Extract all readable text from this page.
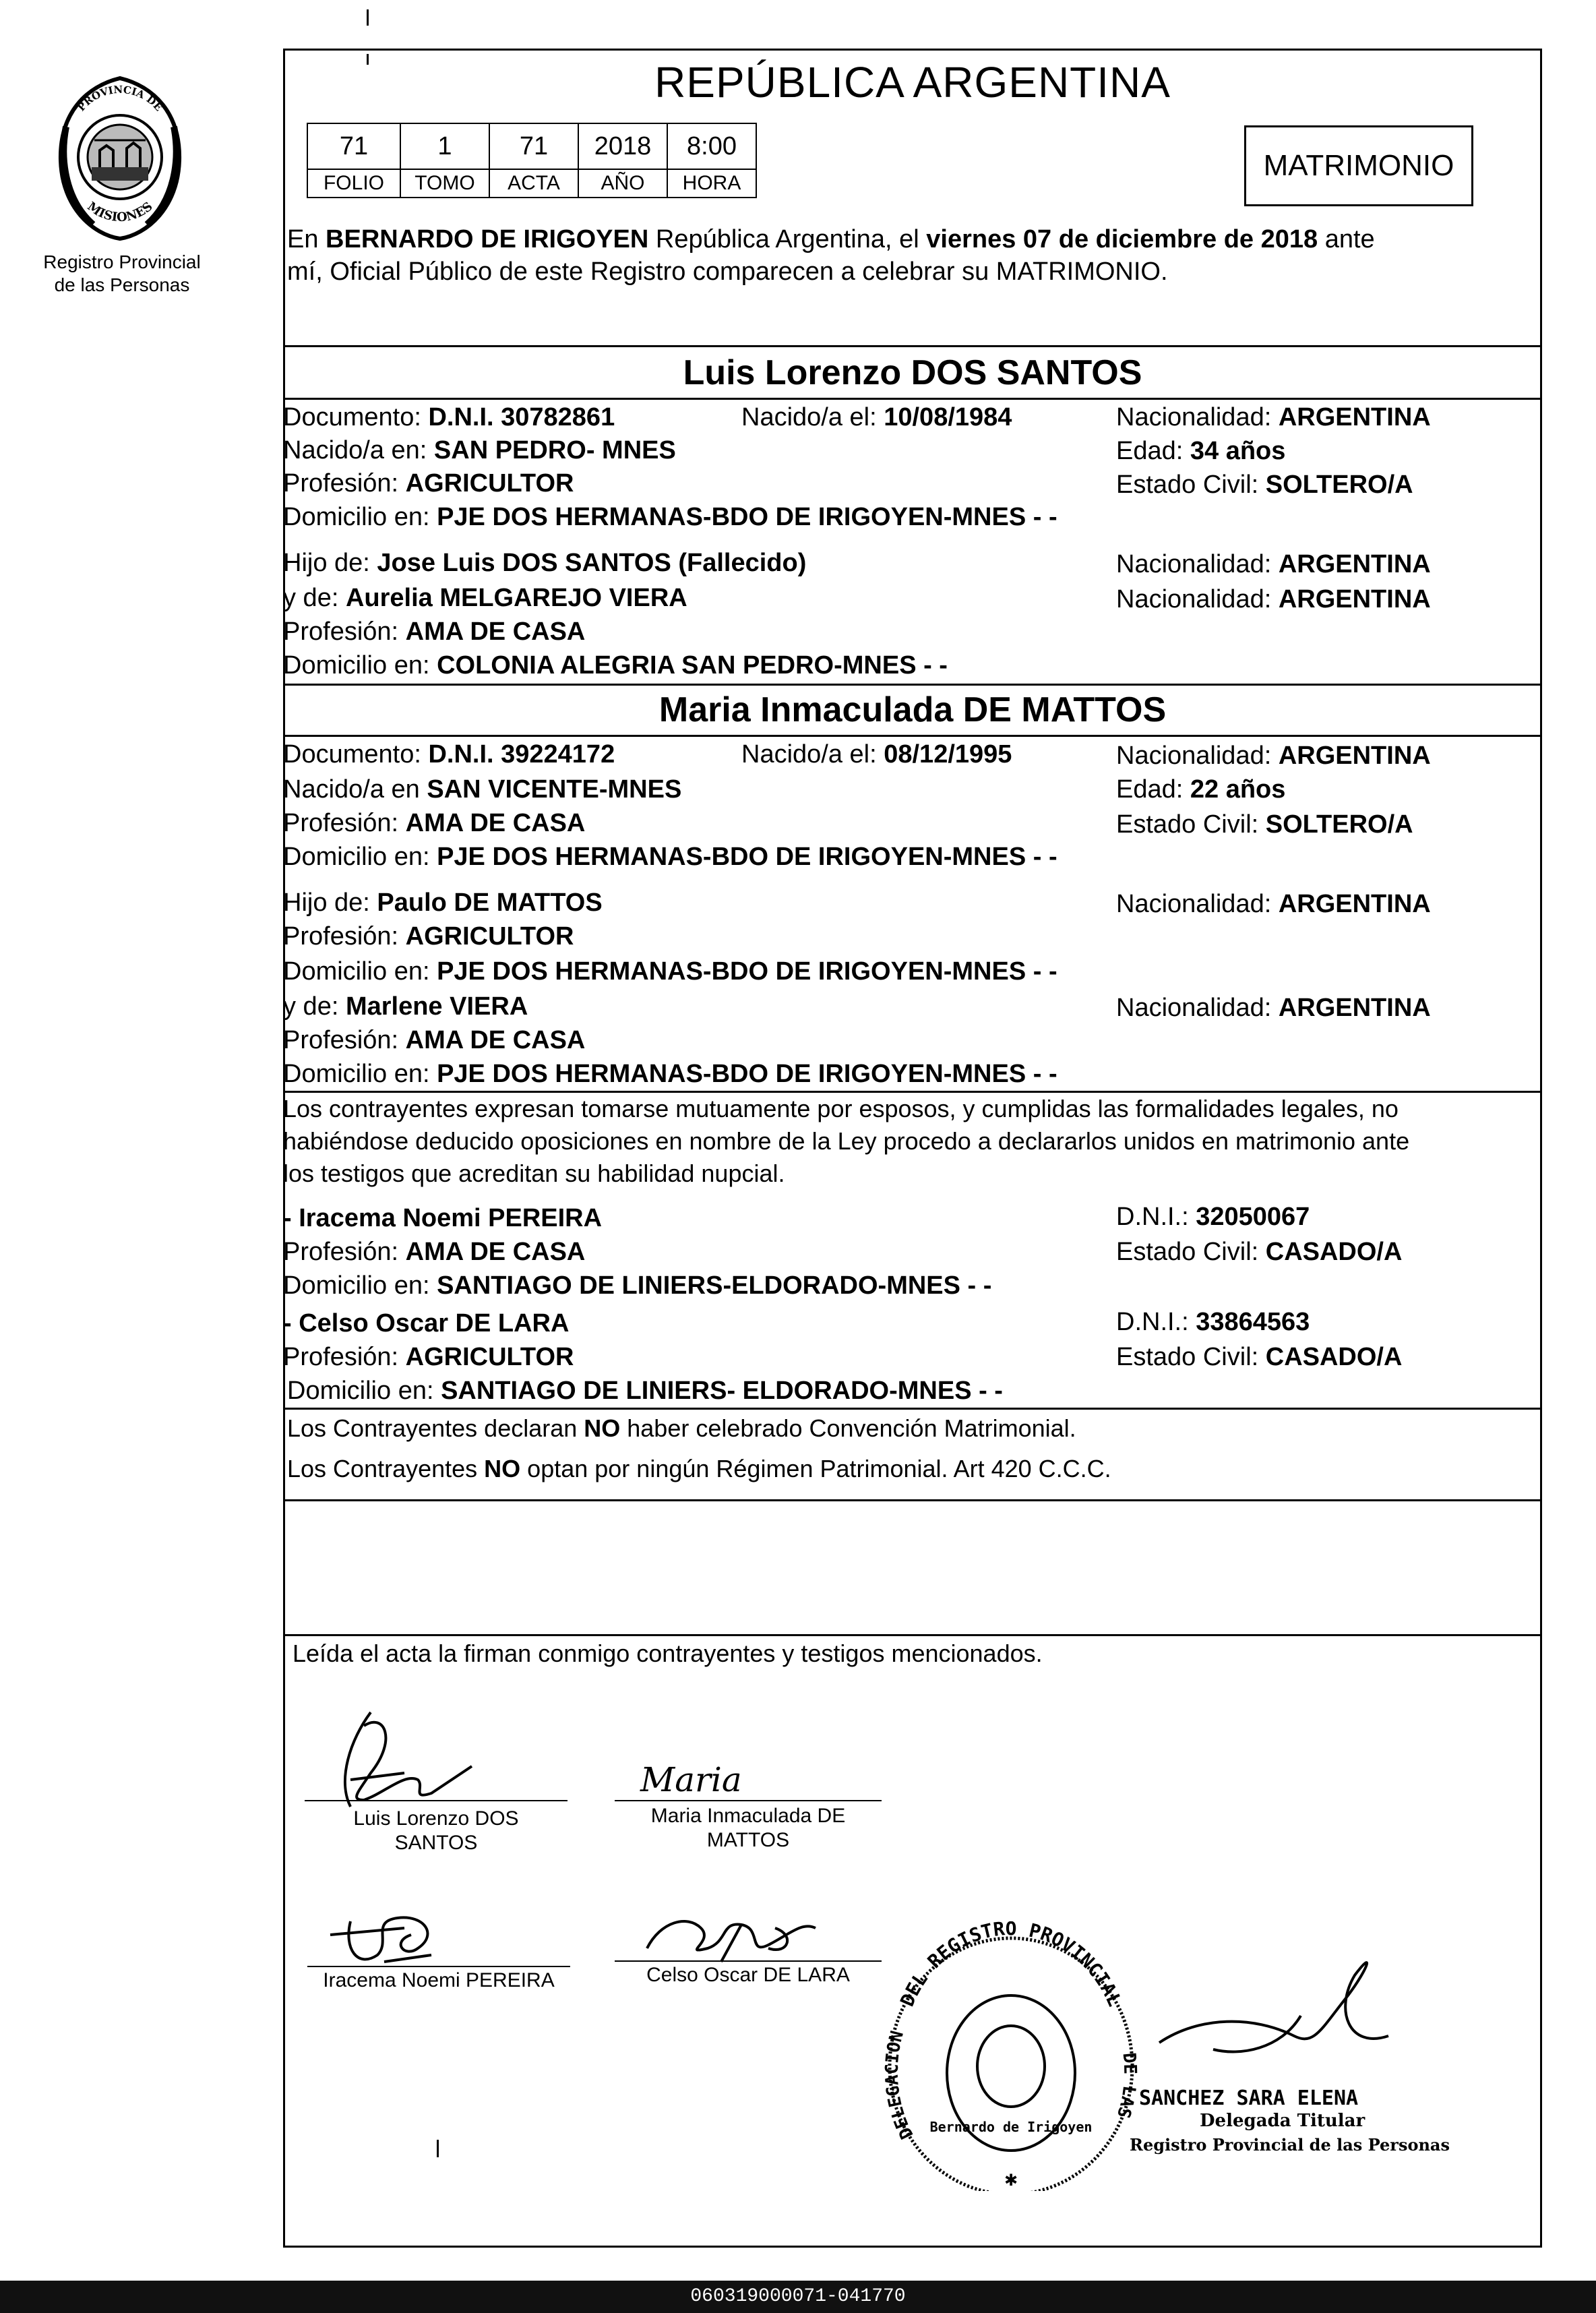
PROVINCIA DE
MISIONES
Registro Provincial
de las Personas
REPÚBLICA ARGENTINA
71	1	71	2018	8:00
FOLIO	TOMO	ACTA	AÑO	HORA
MATRIMONIO
En BERNARDO DE IRIGOYEN República Argentina, el viernes 07 de diciembre de 2018 ante
mí, Oficial Público de este Registro comparecen a celebrar su MATRIMONIO.
Luis Lorenzo DOS SANTOS
Documento: D.N.I. 30782861	Nacido/a el: 10/08/1984	Nacionalidad: ARGENTINA
Nacido/a en: SAN PEDRO- MNES	Edad: 34 años
Profesión: AGRICULTOR	Estado Civil: SOLTERO/A
Domicilio en: PJE DOS HERMANAS-BDO DE IRIGOYEN-MNES - -
Hijo de: Jose Luis DOS SANTOS (Fallecido)	Nacionalidad: ARGENTINA
y de: Aurelia MELGAREJO VIERA	Nacionalidad: ARGENTINA
Profesión: AMA DE CASA
Domicilio en: COLONIA ALEGRIA SAN PEDRO-MNES - -
Maria Inmaculada DE MATTOS
Documento: D.N.I. 39224172	Nacido/a el: 08/12/1995	Nacionalidad: ARGENTINA
Nacido/a en SAN VICENTE-MNES	Edad: 22 años
Profesión: AMA DE CASA	Estado Civil: SOLTERO/A
Domicilio en: PJE DOS HERMANAS-BDO DE IRIGOYEN-MNES - -
Hijo de: Paulo DE MATTOS	Nacionalidad: ARGENTINA
Profesión: AGRICULTOR
Domicilio en: PJE DOS HERMANAS-BDO DE IRIGOYEN-MNES - -
y de: Marlene VIERA	Nacionalidad: ARGENTINA
Profesión: AMA DE CASA
Domicilio en: PJE DOS HERMANAS-BDO DE IRIGOYEN-MNES - -
Los contrayentes expresan tomarse mutuamente por esposos, y cumplidas las formalidades legales, no
habiéndose deducido oposiciones en nombre de la Ley procedo a declararlos unidos en matrimonio ante
los testigos que acreditan su habilidad nupcial.
- Iracema Noemi PEREIRA	D.N.I.: 32050067
Profesión: AMA DE CASA	Estado Civil: CASADO/A
Domicilio en: SANTIAGO DE LINIERS-ELDORADO-MNES - -
- Celso Oscar DE LARA	D.N.I.: 33864563
Profesión: AGRICULTOR	Estado Civil: CASADO/A
Domicilio en: SANTIAGO DE LINIERS- ELDORADO-MNES - -
Los Contrayentes declaran NO haber celebrado Convención Matrimonial.
Los Contrayentes NO optan por ningún Régimen Patrimonial. Art 420 C.C.C.
Leída el acta la firman conmigo contrayentes y testigos mencionados.
Luis Lorenzo DOS
SANTOS
Maria
Maria Inmaculada DE
MATTOS
Iracema Noemi PEREIRA	Celso Oscar DE LARA
DEL REGISTRO PROVINCIAL
DELEGACION
DE LAS
Bernardo de Irigoyen
✱
SANCHEZ SARA ELENA
Delegada Titular
Registro Provincial de las Personas
060319000071-041770
